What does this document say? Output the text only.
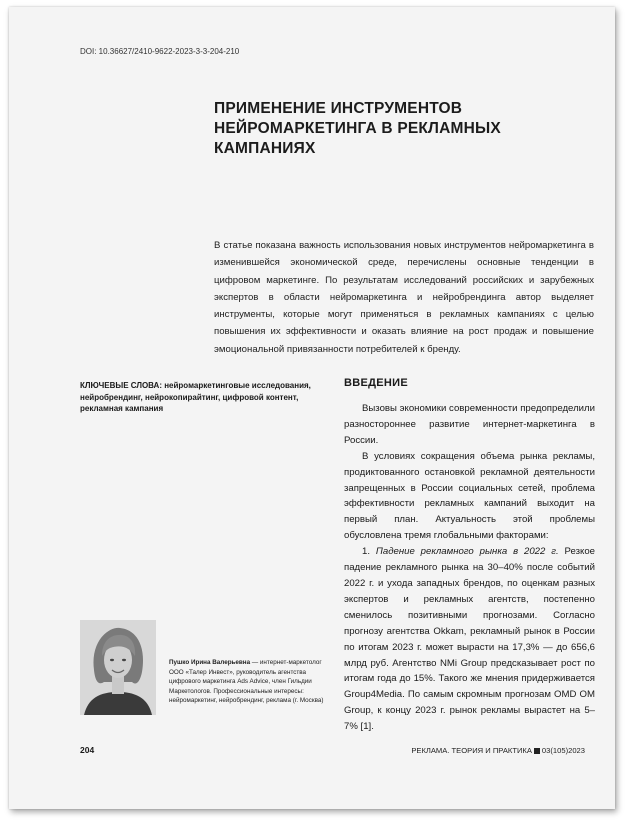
DOI: 10.36627/2410-9622-2023-3-3-204-210
ПРИМЕНЕНИЕ ИНСТРУМЕНТОВ НЕЙРОМАРКЕТИНГА В РЕКЛАМНЫХ КАМПАНИЯХ
В статье показана важность использования новых инструментов нейромаркетинга в изменившейся экономической среде, перечислены основные тенденции в цифровом маркетинге. По результатам исследований российских и зарубежных экспертов в области нейромаркетинга и нейробрендинга автор выделяет инструменты, которые могут применяться в рекламных кампаниях с целью повышения их эффективности и оказать влияние на рост продаж и повышение эмоциональной привязанности потребителей к бренду.
КЛЮЧЕВЫЕ СЛОВА: нейромаркетинговые исследования, нейробрендинг, нейрокопирайтинг, цифровой контент, рекламная кампания
ВВЕДЕНИЕ

Вызовы экономики современности предопределили разностороннее развитие интернет-маркетинга в России.

В условиях сокращения объема рынка рекламы, продиктованного остановкой рекламной деятельности запрещенных в России социальных сетей, проблема эффективности рекламных кампаний выходит на первый план. Актуальность этой проблемы обусловлена тремя глобальными факторами:

1. Падение рекламного рынка в 2022 г. Резкое падение рекламного рынка на 30–40% после событий 2022 г. и ухода западных брендов, по оценкам разных экспертов и рекламных агентств, постепенно сменилось позитивными прогнозами. Согласно прогнозу агентства Okkam, рекламный рынок в России по итогам 2023 г. может вырасти на 17,3% — до 656,6 млрд руб. Агентство NMi Group предсказывает рост по итогам года до 15%. Такого же мнения придерживается Group4Media. По самым скромным прогнозам OMD OM Group, к концу 2023 г. рынок рекламы вырастет на 5–7% [1].

Пушко Ирина Валерьевна — интернет-маркетолог ООО «Талер Инвест», руководитель агентства цифрового маркетинга Ads Advice, член Гильдии Маркетологов. Профессиональные интересы: нейромаркетинг, нейробрендинг, реклама (г. Москва)
204	РЕКЛАМА. ТЕОРИЯ И ПРАКТИКА 03(105)2023
